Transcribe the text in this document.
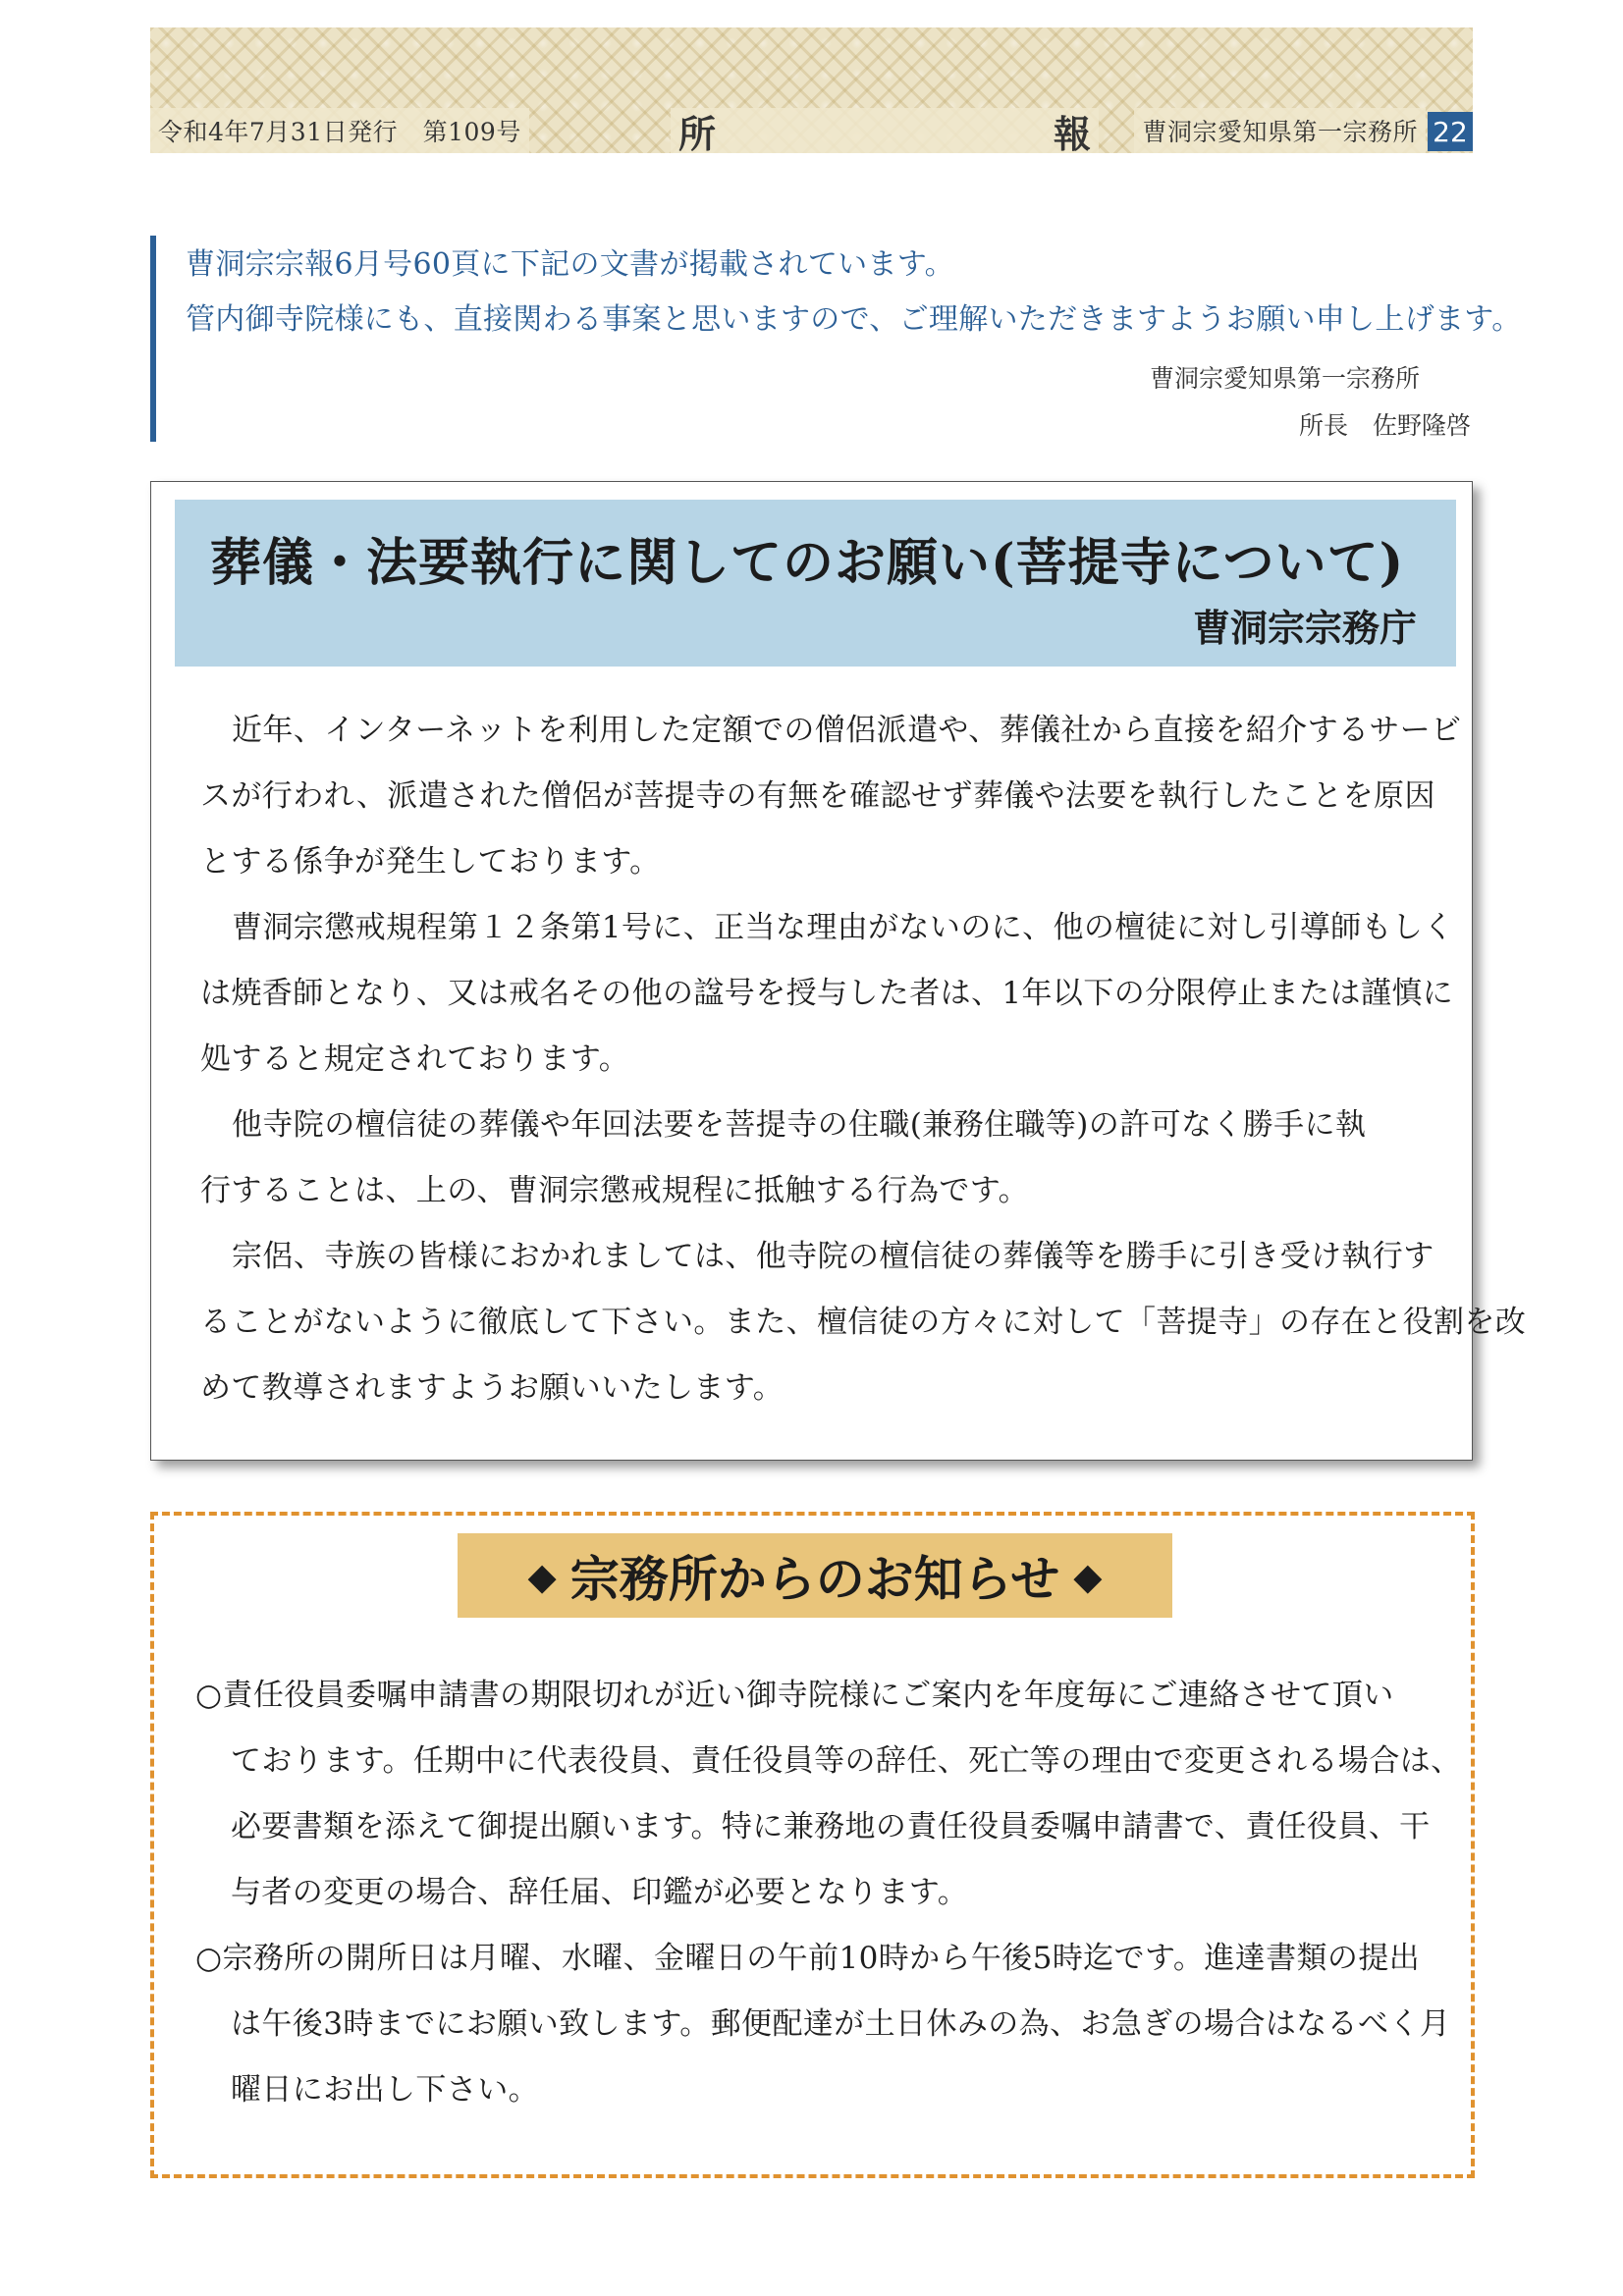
令和4年7月31日発行　第109号	所	報	曹洞宗愛知県第一宗務所 22
曹洞宗宗報6月号60頁に下記の文書が掲載されています。
管内御寺院様にも、直接関わる事案と思いますので、ご理解いただきますようお願い申し上げます。
曹洞宗愛知県第一宗務所
所長　佐野隆啓
葬儀・法要執行に関してのお願い(菩提寺について)
曹洞宗宗務庁
近年、インターネットを利用した定額での僧侶派遣や、葬儀社から直接を紹介するサービ
スが行われ、派遣された僧侶が菩提寺の有無を確認せず葬儀や法要を執行したことを原因
とする係争が発生しております。
曹洞宗懲戒規程第１２条第1号に、正当な理由がないのに、他の檀徒に対し引導師もしく
は焼香師となり、又は戒名その他の諡号を授与した者は、1年以下の分限停止または謹慎に
処すると規定されております。
他寺院の檀信徒の葬儀や年回法要を菩提寺の住職(兼務住職等)の許可なく勝手に執
行することは、上の、曹洞宗懲戒規程に抵触する行為です。
宗侶、寺族の皆様におかれましては、他寺院の檀信徒の葬儀等を勝手に引き受け執行す
ることがないように徹底して下さい。また、檀信徒の方々に対して「菩提寺」の存在と役割を改
めて教導されますようお願いいたします。
◆ 宗務所からのお知らせ ◆
○責任役員委嘱申請書の期限切れが近い御寺院様にご案内を年度毎にご連絡させて頂い
ております。任期中に代表役員、責任役員等の辞任、死亡等の理由で変更される場合は、
必要書類を添えて御提出願います。特に兼務地の責任役員委嘱申請書で、責任役員、干
与者の変更の場合、辞任届、印鑑が必要となります。
○宗務所の開所日は月曜、水曜、金曜日の午前10時から午後5時迄です。進達書類の提出
は午後3時までにお願い致します。郵便配達が土日休みの為、お急ぎの場合はなるべく月
曜日にお出し下さい。
